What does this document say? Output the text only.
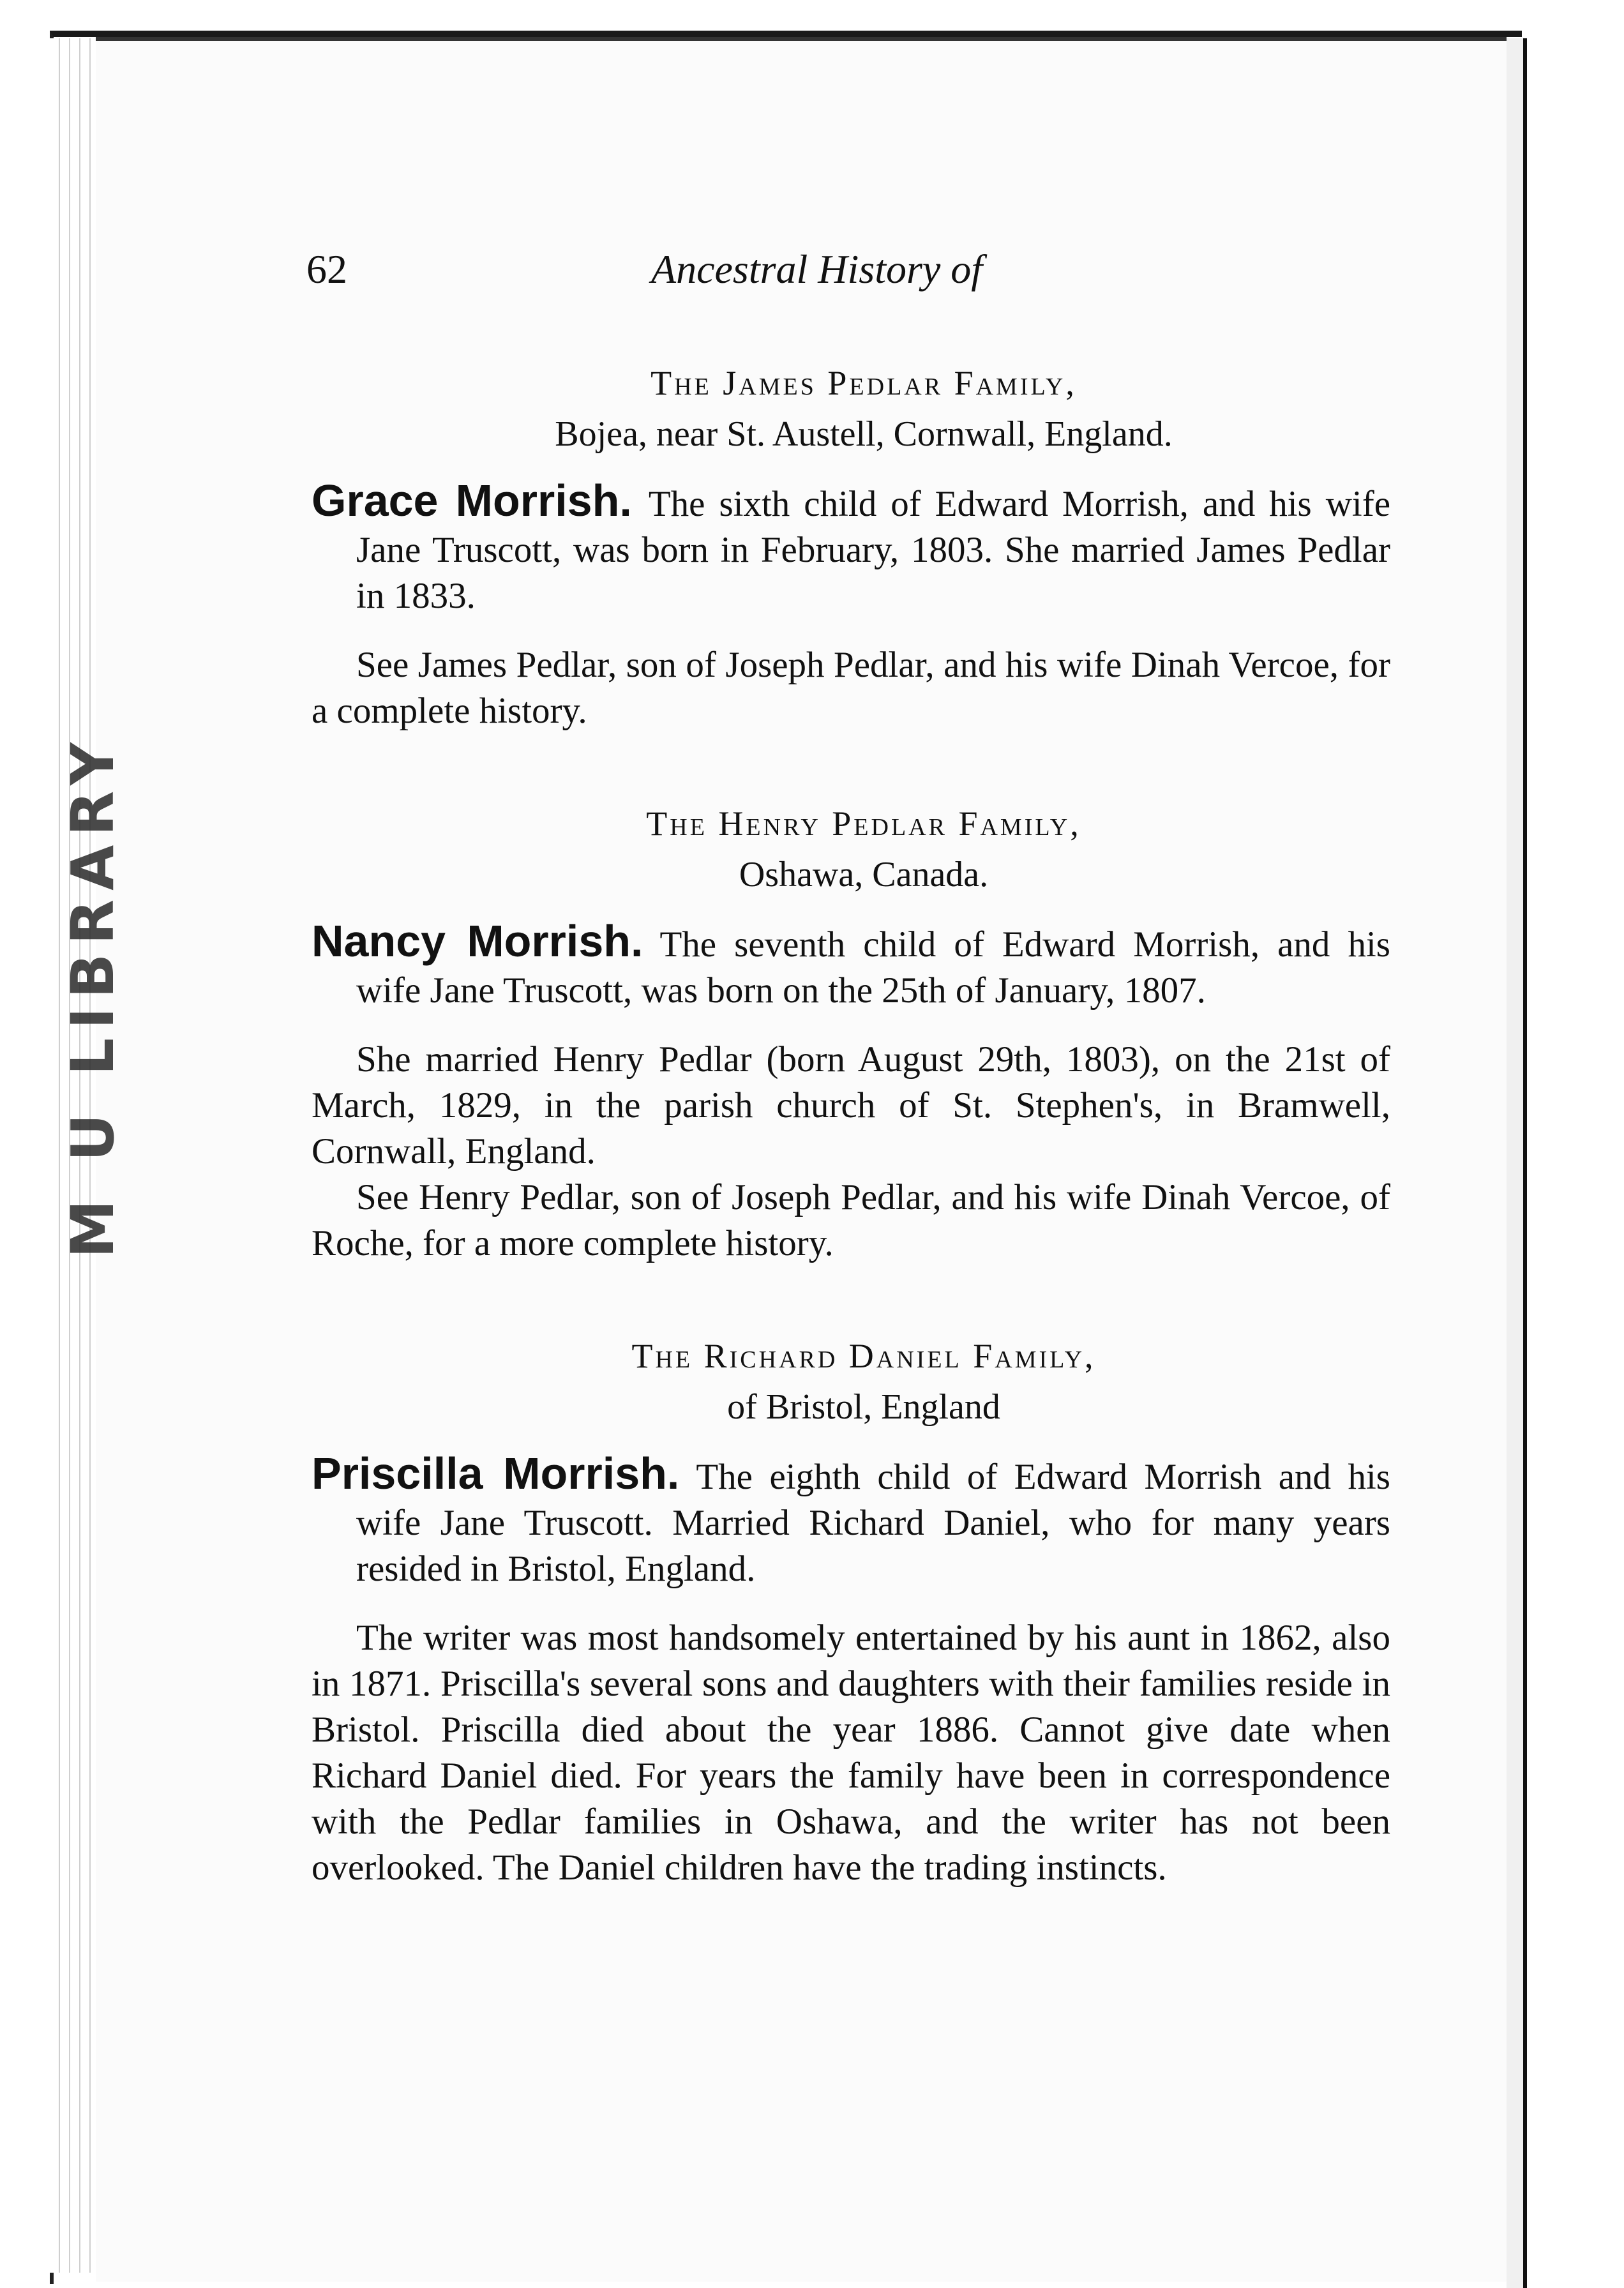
M U LIBRARY
62	Ancestral History of

The James Pedlar Family,

Bojea, near St. Austell, Cornwall, England.

Grace Morrish. The sixth child of Edward Morrish, and his wife Jane Truscott, was born in February, 1803. She married James Pedlar in 1833.

See James Pedlar, son of Joseph Pedlar, and his wife Dinah Vercoe, for a complete history.

The Henry Pedlar Family,

Oshawa, Canada.

Nancy Morrish. The seventh child of Edward Morrish, and his wife Jane Truscott, was born on the 25th of January, 1807.

She married Henry Pedlar (born August 29th, 1803), on the 21st of March, 1829, in the parish church of St. Stephen's, in Bramwell, Cornwall, England.

See Henry Pedlar, son of Joseph Pedlar, and his wife Dinah Vercoe, of Roche, for a more complete history.

The Richard Daniel Family,

of Bristol, England

Priscilla Morrish. The eighth child of Edward Morrish and his wife Jane Truscott. Married Richard Daniel, who for many years resided in Bristol, England.

The writer was most handsomely entertained by his aunt in 1862, also in 1871. Priscilla's several sons and daughters with their families reside in Bristol. Priscilla died about the year 1886. Cannot give date when Richard Daniel died. For years the family have been in correspondence with the Pedlar families in Oshawa, and the writer has not been overlooked. The Daniel children have the trading instincts.
